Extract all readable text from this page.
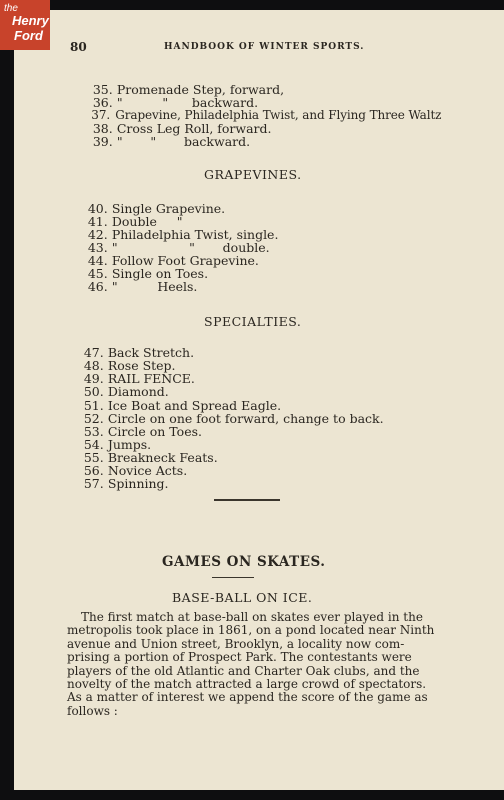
the
Henry
Ford
80	HANDBOOK OF WINTER SPORTS.

35. Promenade Step, forward,

36. "          "      backward.

37. Grapevine, Philadelphia Twist, and Flying Three Waltz

38. Cross Leg Roll, forward.

39. "       "       backward.

GRAPEVINES.

40. Single Grapevine.

41. Double     "

42. Philadelphia Twist, single.

43. "                  "       double.

44. Follow Foot Grapevine.

45. Single on Toes.

46. "          Heels.

SPECIALTIES.

47. Back Stretch.

48. Rose Step.

49. RAIL FENCE.

50. Diamond.

51. Ice Boat and Spread Eagle.

52. Circle on one foot forward, change to back.

53. Circle on Toes.

54. Jumps.

55. Breakneck Feats.

56. Novice Acts.

57. Spinning.

GAMES ON SKATES.
BASE-BALL ON ICE.
The first match at base-ball on skates ever played in the
metropolis took place in 1861, on a pond located near Ninth
avenue and Union street, Brooklyn, a locality now com-
prising a portion of Prospect Park. The contestants were
players of the old Atlantic and Charter Oak clubs, and the
novelty of the match attracted a large crowd of spectators.
As a matter of interest we append the score of the game as
follows :
